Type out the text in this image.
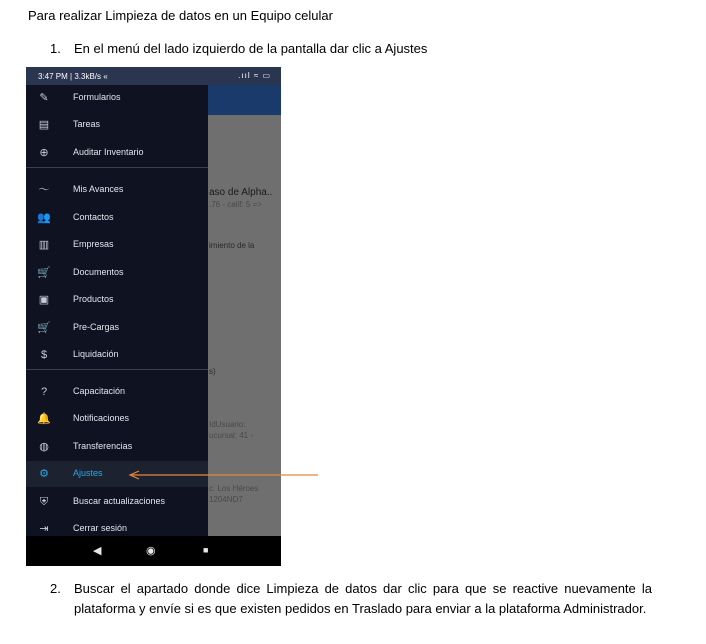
Para realizar Limpieza de datos en un Equipo celular
1. En el menú del lado izquierdo de la pantalla dar clic a Ajustes
3:47 PM | 3.3kB/s «	.ııl ≈ ▭
aso de Alpha..
.76 - calif: 5 =>
imiento de la
s)
IdUsuario:
ucursal: 41 -
c. Los Héroes
1204ND7
✎	Formularios
▤	Tareas
⊕	Auditar Inventario
〜	Mis Avances
👥 Contactos
▥	Empresas
🛒 Documentos
▣	Productos
🛒 Pre-Cargas
$	Liquidación
?	Capacitación
🔔 Notificaciones
◍	Transferencias
⚙	Ajustes
⛨	Buscar actualizaciones
⇥	Cerrar sesión
◀	◉	■
2. Buscar el apartado donde dice Limpieza de datos dar clic para que se reactive nuevamente la plataforma y envíe si es que existen pedidos en Traslado para enviar a la plataforma Administrador.
